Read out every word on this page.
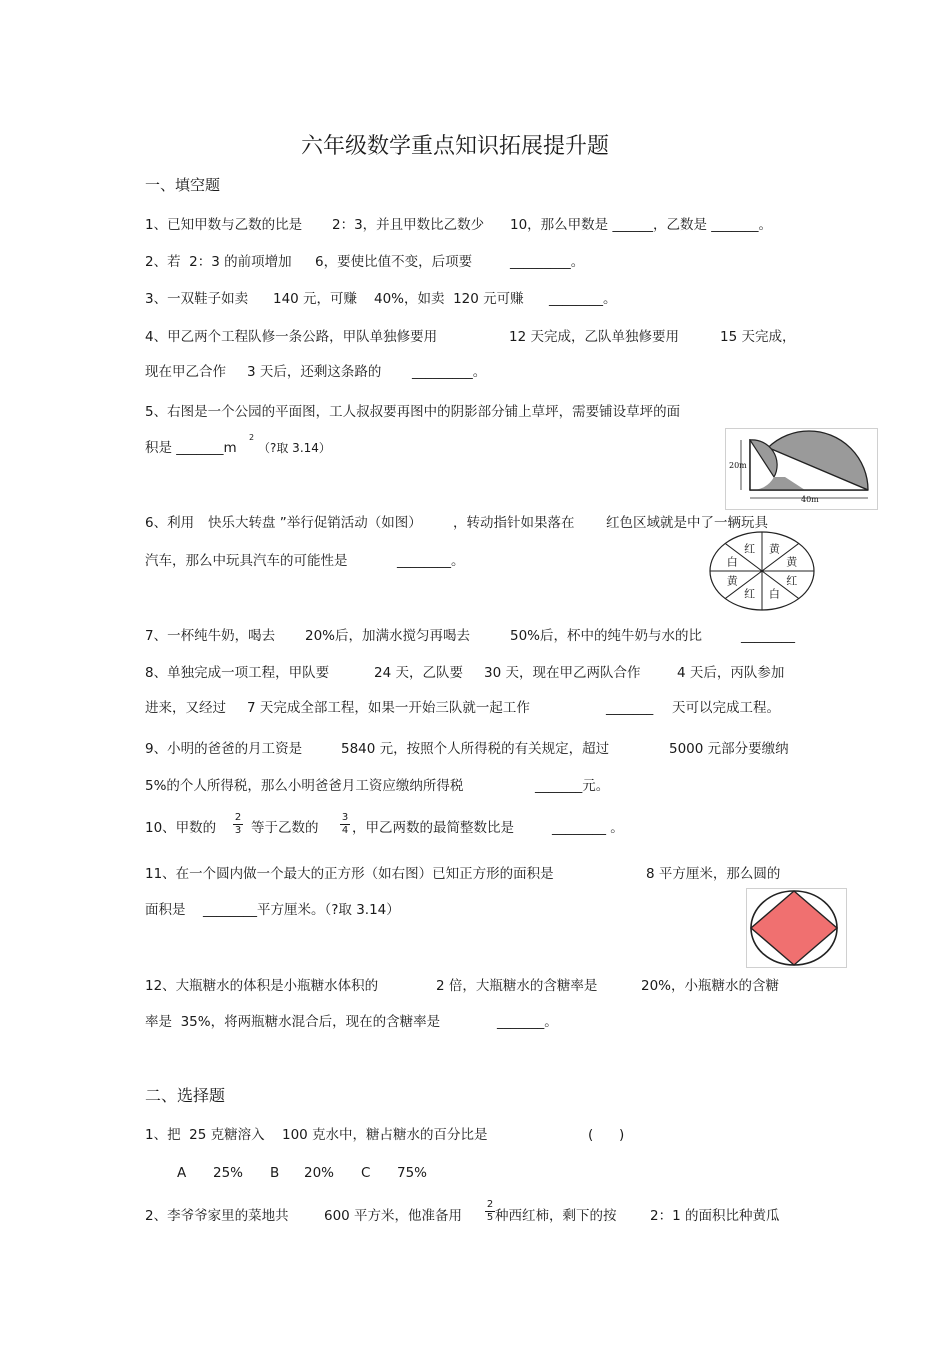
六年级数学重点知识拓展提升题
一、填空题
1、已知甲数与乙数的比是 2：3，并且甲数比乙数少 10，那么甲数是 ______，乙数是 _______。
2、若  2：3 的前项增加 6，要使比值不变，后项要	_________。
3、一双鞋子如卖 140 元，可赚 40%，如卖  120 元可赚 ________。
4、甲乙两个工程队修一条公路，甲队单独修要用	12 天完成，乙队单独修要用	15 天完成，
现在甲乙合作 3 天后，还剩这条路的 _________。
5、右图是一个公园的平面图，工人叔叔要再图中的阴影部分铺上草坪，需要铺设草坪的面
积是 _______m
2
（?取 3.14）
20m
40m
6、利用 快乐大转盘 ”举行促销活动（如图） ，转动指针如果落在 红色区域就是中了一辆玩具
汽车，那么中玩具汽车的可能性是	________。
红 黄
黄
红
白
红
黄
白
7、一杯纯牛奶，喝去 20%后，加满水搅匀再喝去	50%后，杯中的纯牛奶与水的比	________
8、单独完成一项工程，甲队要	24 天，乙队要 30 天，现在甲乙两队合作	4 天后，丙队参加
进来，又经过 7 天完成全部工程，如果一开始三队就一起工作	_______ 天可以完成工程。
9、小明的爸爸的月工资是	5840 元，按照个人所得税的有关规定，超过	5000 元部分要缴纳
5%的个人所得税，那么小明爸爸月工资应缴纳所得税	_______元。
10、甲数的
2
3 等于乙数的
3
4 ，甲乙两数的最简整数比是	________ 。
11、在一个圆内做一个最大的正方形（如右图）已知正方形的面积是	8 平方厘米，那么圆的
面积是 ________平方厘米。（?取 3.14）
12、大瓶糖水的体积是小瓶糖水体积的	2 倍，大瓶糖水的含糖率是	20%，小瓶糖水的含糖
率是  35%，将两瓶糖水混合后，现在的含糖率是	_______。
二、选择题
1、把  25 克糖溶入 100 克水中，糖占糖水的百分比是	(      )
A 25% B 20% C 75%
2、李爷爷家里的菜地共	600 平方米，他准备用
2
5 种西红柿，剩下的按 2：1 的面积比种黄瓜
